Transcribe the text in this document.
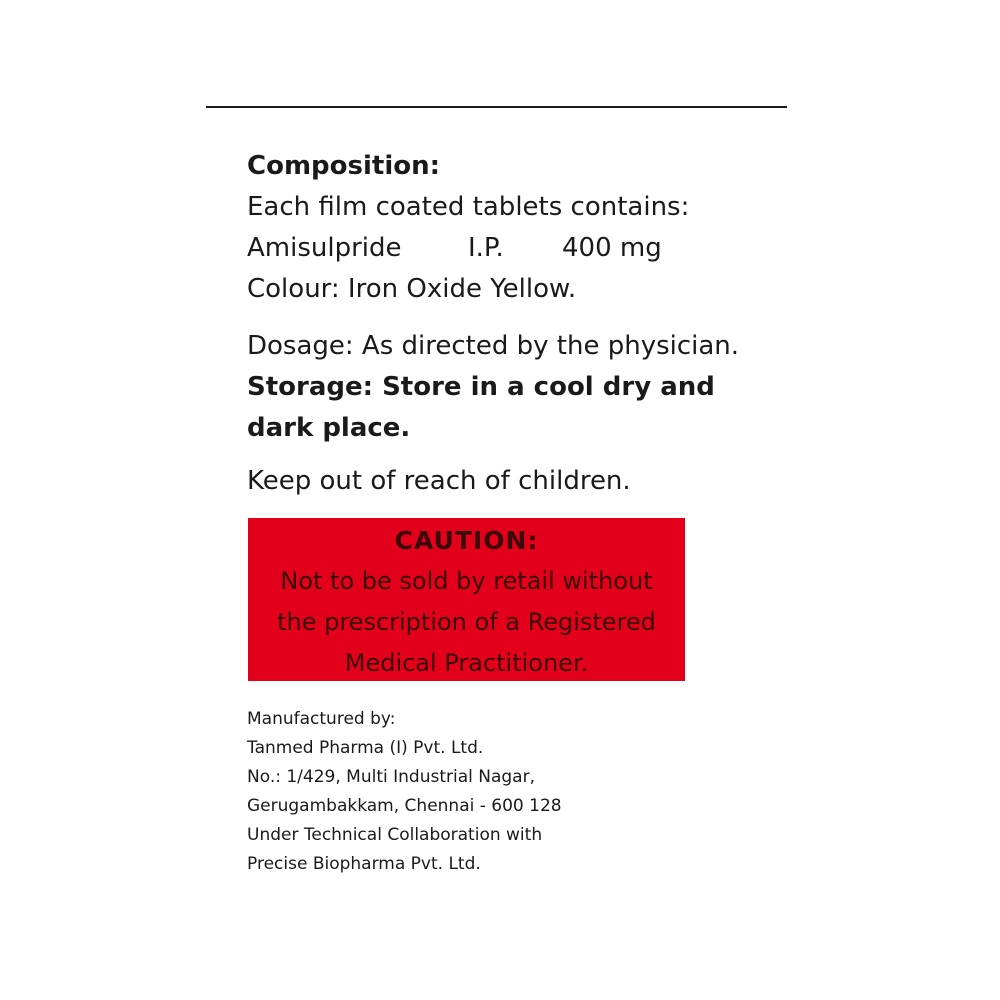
Composition:
Each film coated tablets contains:
Amisulpride	I.P. 400 mg
Colour: Iron Oxide Yellow.
Dosage: As directed by the physician.
Storage: Store in a cool dry and dark place.
Keep out of reach of children.
CAUTION:
Not to be sold by retail without
the prescription of a Registered
Medical Practitioner.
Manufactured by:
Tanmed Pharma (I) Pvt. Ltd.
No.: 1/429, Multi Industrial Nagar,
Gerugambakkam, Chennai - 600 128
Under Technical Collaboration with
Precise Biopharma Pvt. Ltd.
